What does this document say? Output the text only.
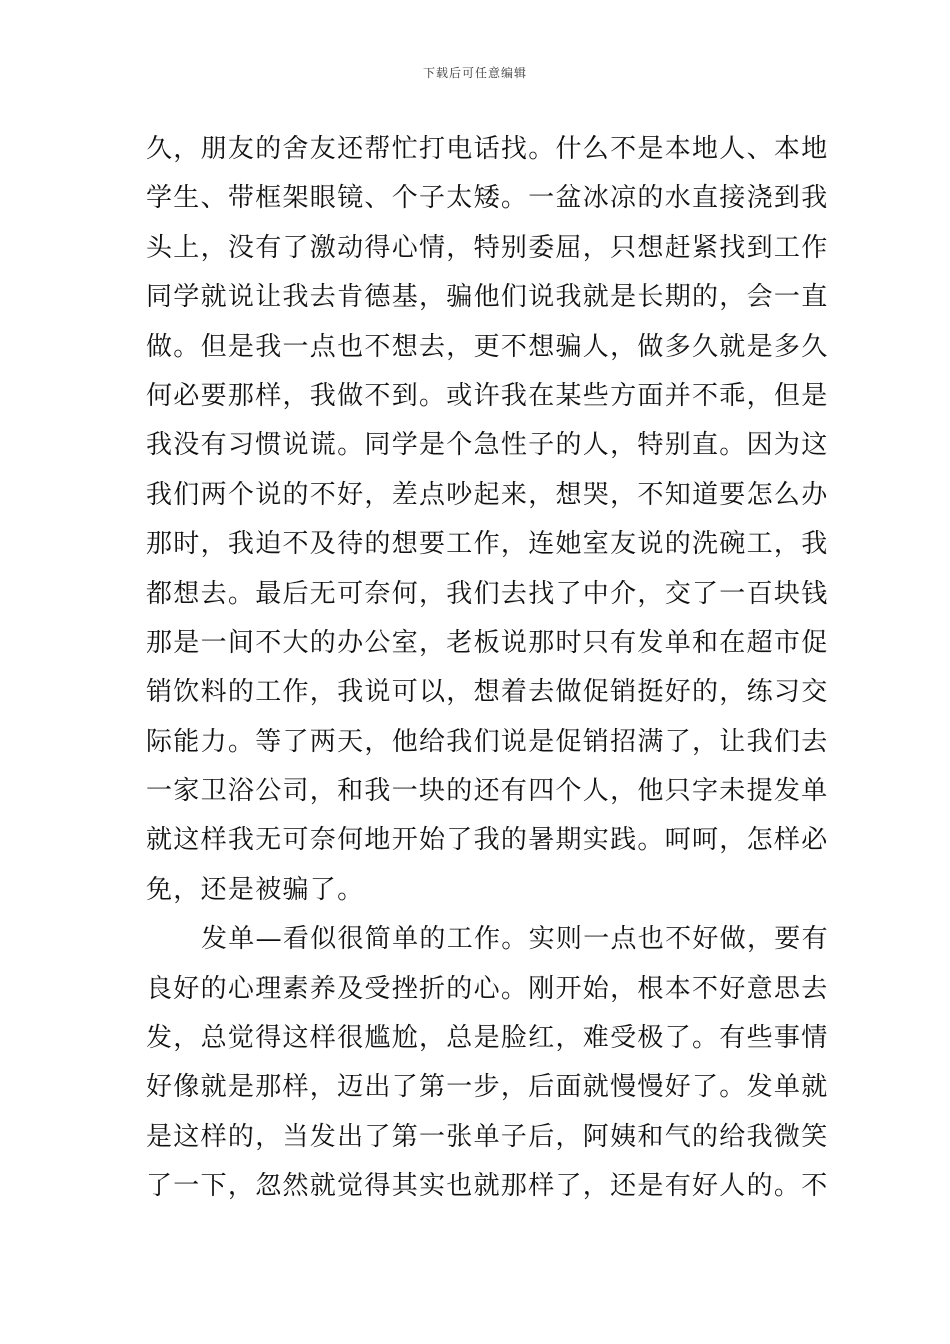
下载后可任意编辑
久，朋友的舍友还帮忙打电话找。什么不是本地人、本地
学生、带框架眼镜、个子太矮。一盆冰凉的水直接浇到我
头上，没有了激动得心情，特别委屈，只想赶紧找到工作
同学就说让我去肯德基，骗他们说我就是长期的，会一直
做。但是我一点也不想去，更不想骗人，做多久就是多久
何必要那样，我做不到。或许我在某些方面并不乖，但是
我没有习惯说谎。同学是个急性子的人，特别直。因为这
我们两个说的不好，差点吵起来，想哭，不知道要怎么办
那时，我迫不及待的想要工作，连她室友说的洗碗工，我
都想去。最后无可奈何，我们去找了中介，交了一百块钱
那是一间不大的办公室，老板说那时只有发单和在超市促
销饮料的工作，我说可以，想着去做促销挺好的，练习交
际能力。等了两天，他给我们说是促销招满了，让我们去
一家卫浴公司，和我一块的还有四个人，他只字未提发单
就这样我无可奈何地开始了我的暑期实践。呵呵，怎样必
免，还是被骗了。
发单—看似很简单的工作。实则一点也不好做，要有
良好的心理素养及受挫折的心。刚开始，根本不好意思去
发，总觉得这样很尴尬，总是脸红，难受极了。有些事情
好像就是那样，迈出了第一步，后面就慢慢好了。发单就
是这样的，当发出了第一张单子后，阿姨和气的给我微笑
了一下，忽然就觉得其实也就那样了，还是有好人的。不
